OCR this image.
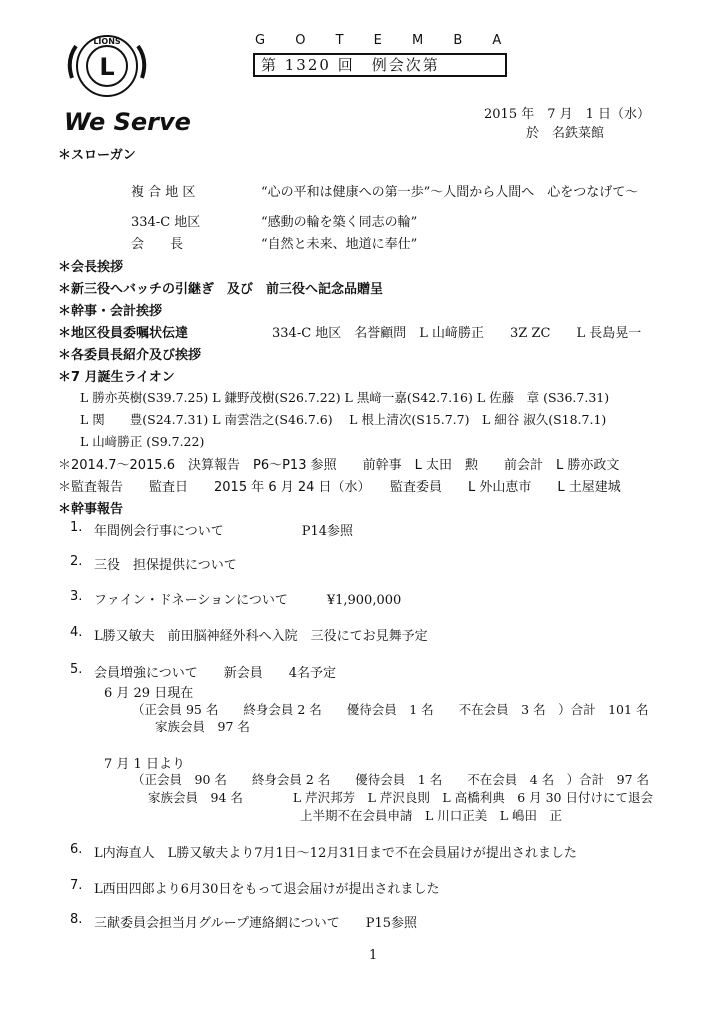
LIONS
L
We Serve
G O T E M B A
第 1320 回　例会次第
2015 年　7 月　1 日（水）
於　名鉄菜館
＊スローガン
複 合 地 区	“心の平和は健康への第一歩”～人間から人間へ　心をつなげて～
334-C 地区	“感動の輪を築く同志の輪”
会　　長	“自然と未来、地道に奉仕”
＊会長挨拶
＊新三役へバッチの引継ぎ　及び　前三役へ記念品贈呈
＊幹事・会計挨拶
＊地区役員委嘱状伝達	334-C 地区　名誉顧問　L 山﨑勝正　　3Z ZC　　L 長島晃一
＊各委員長紹介及び挨拶
＊7 月誕生ライオン
L 勝亦英樹(S39.7.25) L 鎌野茂樹(S26.7.22) L 黒﨑一嘉(S42.7.16) L 佐藤　章 (S36.7.31)
L 関　　豊(S24.7.31) L 南雲浩之(S46.7.6)　 L 根上清次(S15.7.7)　L 細谷 淑久(S18.7.1)
L 山﨑勝正 (S9.7.22)
＊2014.7～2015.6　決算報告　P6～P13 参照　　前幹事　L 太田　勲　　前会計　L 勝亦政文
＊監査報告　　監査日　　2015 年 6 月 24 日（水）　　監査委員　　L 外山恵市　　L 土屋建城
＊幹事報告
1. 年間例会行事について　　　　　　P14参照
2. 三役　担保提供について
3. ファイン・ドネーションについて　　　¥1,900,000
4. L勝又敏夫　前田脳神経外科へ入院　三役にてお見舞予定
5. 会員増強について　　新会員　　4名予定
6 月 29 日現在
（正会員 95 名　　終身会員 2 名　　優待会員　1 名　　不在会員　3 名　）合計　101 名
家族会員　97 名
7 月 1 日より
（正会員　90 名　　終身会員 2 名　　優待会員　1 名　　不在会員　4 名　）合計　97 名
家族会員　94 名　　　　L 芹沢邦芳　L 芹沢良則　L 高橋利典　6 月 30 日付けにて退会
上半期不在会員申請　L 川口正美　L 嶋田　正
6. L内海直人　L勝又敏夫より7月1日～12月31日まで不在会員届けが提出されました
7. L西田四郎より6月30日をもって退会届けが提出されました
8. 三献委員会担当月グループ連絡網について　　P15参照
1
